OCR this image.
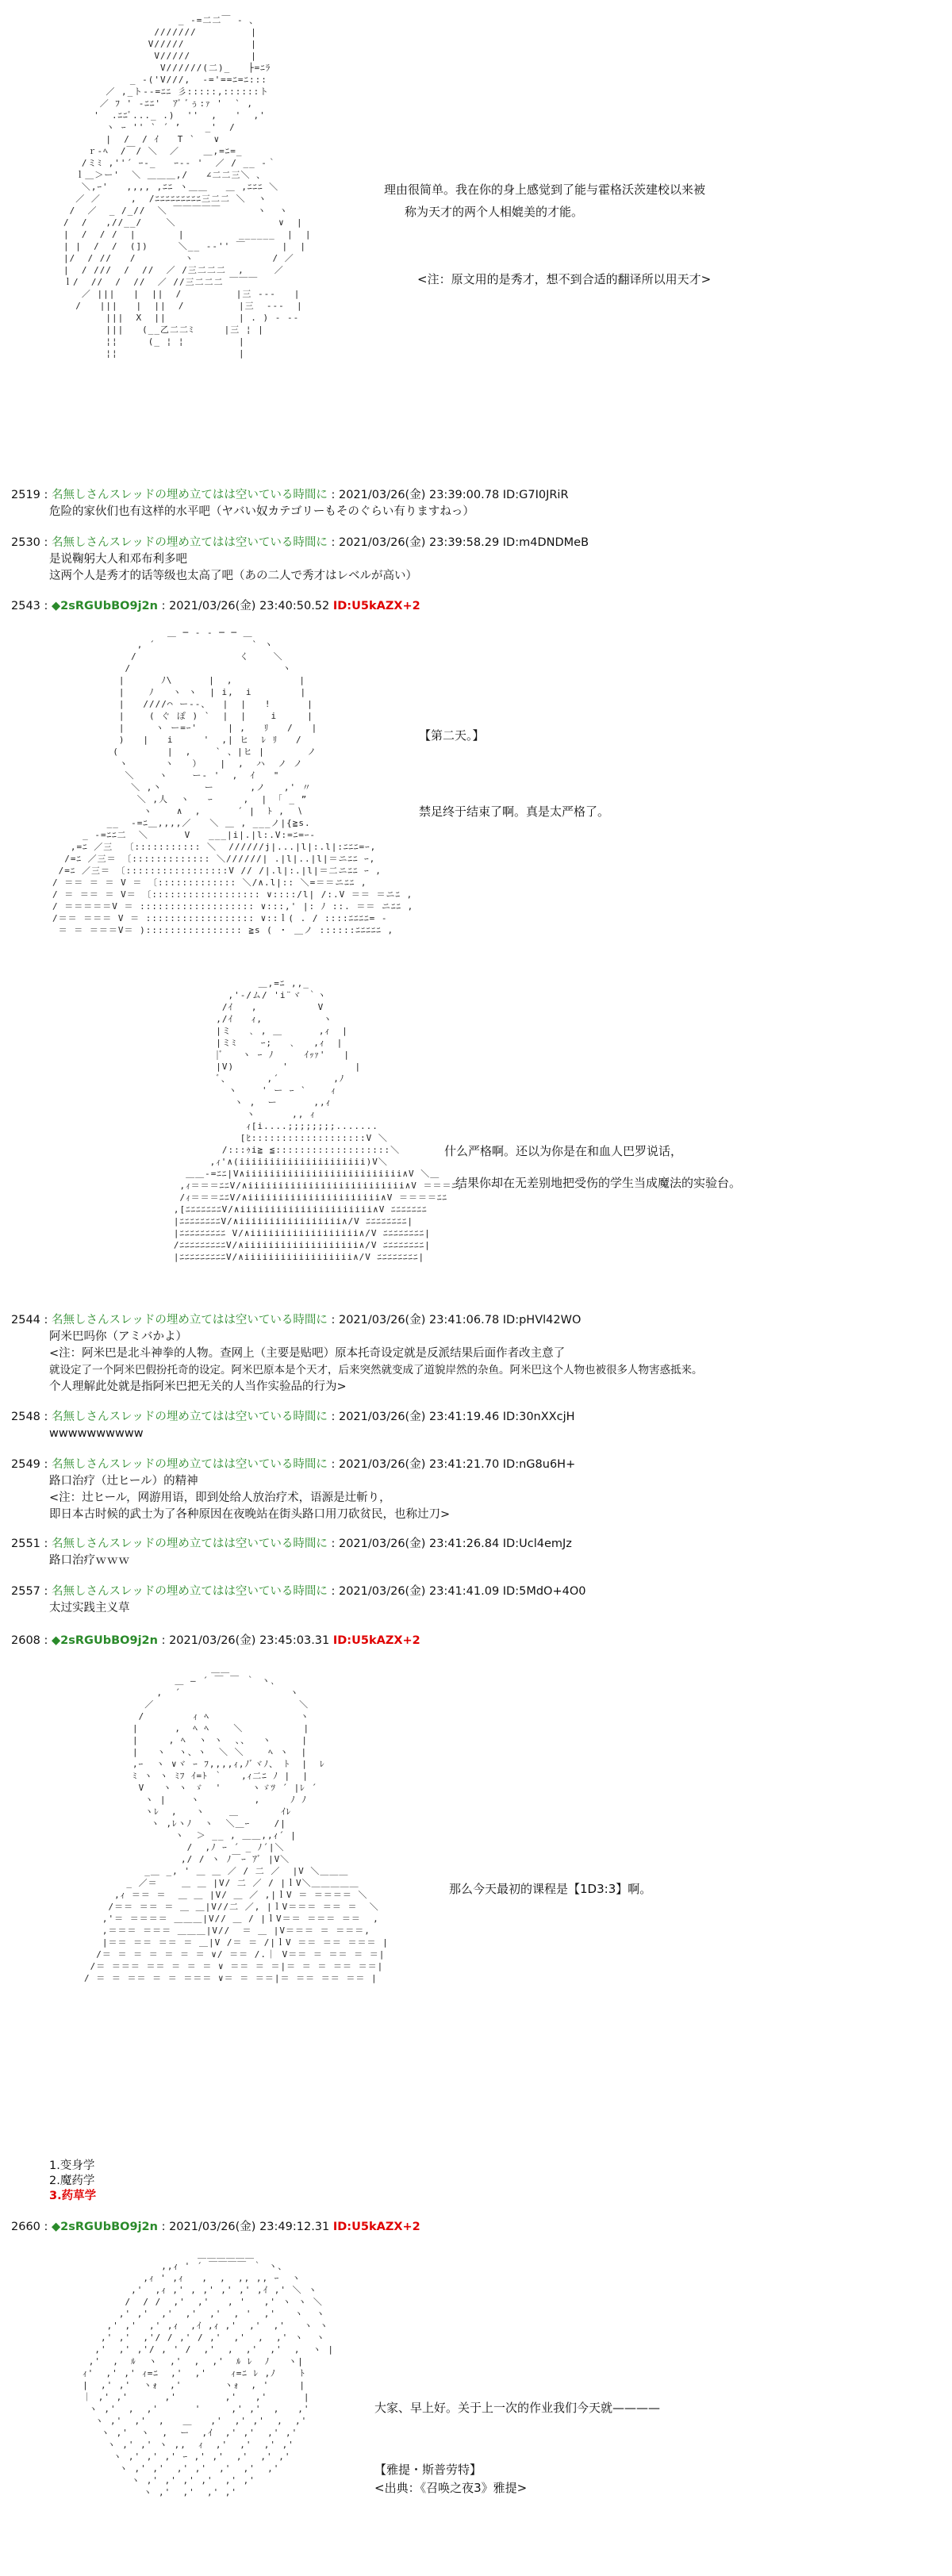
_ -=二二￣ ‐ 、
///////         |
V/////           |
V/////          |
V//////(二)_   ├=ﾆﾗ
_ -('V///,  -='==ﾆ=ﾆ:::
／ ,_ト--=ﾆﾆ 彡:::::,::::::ト
／ ﾌ ' -ﾆﾆ'  ｱﾞ ﾞぅ:ｧ '  ` ,
'  .ﾆﾆﾞ..._ .)  ''  ,   '  ,'
ヽ ｰ '' ` ´ ’    _'  /
|  /  / ｲ   Τ `   ∨
ｒ‐ﾍ  /￣/ ＼  ／    ＿,=ﾆ=_
/ミﾐ ,''´ ｰ-_   ｰ-- '  ／ / __ -｀
ｌ＿＞ー'  ＼ ＿＿＿,/   ∠二二三＼ 、
＼,ｰ'   ,,,, ,ﾆﾆ ヽ＿＿   ＿ ,ﾆﾆﾆ ＼
／ ／     ,  /ﾆﾆﾆﾆﾆﾆﾆﾆﾆ三二二 ＼  ヽ
/  ／  _ /_//  ＼ ￣￣￣￣￣      ヽ  ヽ
/  /   ,//__/    ＼                 ∨  |
|  /  / /  |       |         ______  |  |
| |  /  /  (])     ＼__ -‐'' ￣      |  |
|/  / //   /        ヽ             / ／
|  / ///  /  //  ／ /三二二二  ,     ／
ｌ/  //  /  //  ／ //三二二二 ￣￣￣
／ |||   |  ||  /         |三 ---   |
/   |||   |  ||  /         |三  ---  |
|||  X  ||            | . ) - --
|||   (__乙二二ﾐ     |三 ¦ |
¦¦     (_ ¦ ¦         |
¦¦                    |
理由很简单。我在你的身上感觉到了能与霍格沃茨建校以来被
称为天才的两个人相媲美的才能。
<注：原文用的是秀才，想不到合适的翻译所以用天才>
2519 : 名無しさんスレッドの埋め立てはは空いている時間に : 2021/03/26(金) 23:39:00.78 ID:G7I0JRiR
危险的家伙们也有这样的水平吧（ヤバい奴カテゴリーもそのぐらい有りますねっ）
2530 : 名無しさんスレッドの埋め立てはは空いている時間に : 2021/03/26(金) 23:39:58.29 ID:m4DNDMeB
是说鞠躬大人和邓布利多吧
这两个人是秀才的话等级也太高了吧（あの二人で秀才はレベルが高い）
2543 : ◆2sRGUbBO9j2n : 2021/03/26(金) 23:40:50.52 ID:U5kAZX+2
＿ ─ ‐ ‐ ─ ─ ＿
, ´                ` ヽ
/                 く    ＼
/                         ヽ
|      ﾉ\      |  ,           |
|    ﾉ   ヽ ヽ  | i,  i        |
|   ////⌒ ー--、  |  |   !      |
|    ( ぐ ぽ ) `  |  |    i     |
|     ヽ ー=ｰ'     | ,   ﾘ   /   |
)   |   i     '  ,| ヒ  ﾚ ﾘ   /
(        |  ,    ` 、|ヒ |       ノ
ヽ      ヽ   ）   |  ,  ハ  ノ ノ
＼    ヽ    ー- '  ,  ｲ   "
＼ ,丶       ー      ,ノ   ,' 〃
＼ ,人  ヽ   ｰ     ,  | 「 _ ”
ヽ    ∧  ,      ´ |  ﾄ ,  ∖
__  -=ﾆ＿,,,,／   ＼ ＿ , ___ノ|{≧s.
_ -=ﾆﾆ二  ＼      V   ___|i|.|l:.V:=ﾆ=ｰ-
,=ﾆ ／三  〔::::::::::: ＼  //////j|...|l|:.l|:ﾆﾆﾆ=ｰ,
/=ﾆ ／三＝ 〔::::::::::::: ＼//////| .|l|..|l|＝ニﾆﾆ ｰ,
/=ﾆ ／三＝ 〔:::::::::::::::::V // /|.l|:.|l|＝二ニﾆﾆ ｰ ,
/ ＝＝ ＝ ＝ V ＝ 〔::::::::::::: ＼/∧.l|:: ＼=＝＝ニﾆﾆ ,
/ ＝ ＝＝ ＝ V＝ 〔:::::::::::::::::: ∨::::/l| /:.V ＝＝ ＝ニﾆ ,
/ ＝＝＝＝＝V ＝ ::::::::::::::::::: ∨:::,' |: ﾉ ::. ＝＝ ニﾆﾆ ,
/＝＝ ＝＝＝ V ＝ :::::::::::::::::: ∨::ｌ( . ∕ ::::ﾆﾆﾆﾆ= -
＝ ＝ ＝＝＝V＝ ):::::::::::::::: ≧s ( ・ ＿ノ ::::::ﾆﾆﾆﾆﾆ ,
【第二天。】
禁足终于结束了啊。真是太严格了。
＿,=ﾆ ,,_
,'-/ム/ 'i¨ヾ ｀ヽ
/ｲ   ,          V
,/ｲ   ｨ,          ヽ
|ミ   ､ , ＿      ,ｨ  |
|ミﾐ    ｰ;   ､   ,ｨ  |
|ﾞ   ヽ ｰ ﾉ     ｲｯｧ'   |
|V)        '           |
ﾞ、      ,´         ,ﾉ
ヽ    ' ー ｰ `    ｨ
ヽ ,  ー      ,,ｨ
ヽ      ,, ｨ
ｨ[i....;;;;;;;;.......
[ﾋ:::::::::::::::::::V ＼
/:::ｩi≧ ≦:::::::::::::::::::＼
,ｨ'∧(iiiiiiiiiiiiiiiiiiiii)V＼
＿＿-=ﾆﾆ|V∧iiiiiiiiiiiiiiiiiiiiiiiiii∧V ＼＿
,ｨ＝＝＝ﾆﾆV/∧iiiiiiiiiiiiiiiiiiiiiiiiii∧V ＝＝＝ﾆ,
/ｨ＝＝＝ﾆﾆV/∧iiiiiiiiiiiiiiiiiiiiii∧V ＝＝＝＝ﾆﾆ
,[ﾆﾆﾆﾆﾆﾆﾆV/∧iiiiiiiiiiiiiiiiiiiiii∧V ﾆﾆﾆﾆﾆﾆﾆ
|ﾆﾆﾆﾆﾆﾆﾆﾆV/∧iiiiiiiiiiiiiiiii∧/V ﾆﾆﾆﾆﾆﾆﾆﾆ|
|ﾆﾆﾆﾆﾆﾆﾆﾆﾆ V/∧iiiiiiiiiiiiiiiiii∧/V ﾆﾆﾆﾆﾆﾆﾆﾆ|
/ﾆﾆﾆﾆﾆﾆﾆﾆﾆV/∧iiiiiiiiiiiiiiiiiii∧/V ﾆﾆﾆﾆﾆﾆﾆﾆ|
|ﾆﾆﾆﾆﾆﾆﾆﾆﾆV/∧iiiiiiiiiiiiiiiiii∧/V ﾆﾆﾆﾆﾆﾆﾆﾆ|
什么严格啊。还以为你是在和血人巴罗说话，
结果你却在无差别地把受伤的学生当成魔法的实验台。
2544 : 名無しさんスレッドの埋め立てはは空いている時間に : 2021/03/26(金) 23:41:06.78 ID:pHVl42WO
阿米巴吗你（アミバかよ）
<注：阿米巴是北斗神拳的人物。查网上（主要是贴吧）原本托奇设定就是反派结果后面作者改主意了
就设定了一个阿米巴假扮托奇的设定。阿米巴原本是个天才，后来突然就变成了道貌岸然的杂鱼。阿米巴这个人物也被很多人物害惑抵来。
个人理解此处就是指阿米巴把无关的人当作实验品的行为>
2548 : 名無しさんスレッドの埋め立てはは空いている時間に : 2021/03/26(金) 23:41:19.46 ID:30nXXcjH
wwwwwwwwww
2549 : 名無しさんスレッドの埋め立てはは空いている時間に : 2021/03/26(金) 23:41:21.70 ID:nG8u6H+
路口治疗（辻ヒール）的精神
<注：辻ヒール，网游用语，即到处给人放治疗术，语源是辻斬り，
即日本古时候的武士为了各种原因在夜晚站在街头路口用刀砍贫民，也称辻刀>
2551 : 名無しさんスレッドの埋め立てはは空いている時間に : 2021/03/26(金) 23:41:26.84 ID:Ucl4emJz
路口治疗ｗｗｗ
2557 : 名無しさんスレッドの埋め立てはは空いている時間に : 2021/03/26(金) 23:41:41.09 ID:5MdO+4O0
太过实践主义草
2608 : ◆2sRGUbBO9j2n : 2021/03/26(金) 23:45:03.31 ID:U5kAZX+2
＿＿
＿ ― ´ ￣ ￣ ｀ ヽ､
,  ´                  ヽ
／                        ＼
/        ｨ ﾍ               ヽ
|      ,  ﾍ ﾍ    ＼          |
|     , ﾍ  ヽ ヽ  、、  ヽ     |
|   ヽ  ヽ、ヽ  ＼ ＼    ﾍ ヽ  |
,ｰ  ヽ ∨ヾ ｰ ﾌ,,,,ｨ,ﾉﾞヾﾉ、 ﾄ  |  ﾚ
ﾐ ヽ ヽ ﾐﾌ ｲ=ﾄ ｀   ,ｨ二ﾆ ﾉ |  |
V   ヽ ヽ ゞ  '     ヽゞﾂ ´ |ﾚ ´
ヽ |    ヽ         ,     ﾉ ﾉ
ヽﾚ  ,   ヽ    ＿       ｲﾚ
ヽ ,ﾚヽﾉ  ヽ  ＼＿ｰ    /|
ヽ  ＞ __ , ＿＿,,ｨ´ |
/  ,ﾉ ｰ ´ _ ﾉ´|＼
,/ / ヽ ﾉ￣ｰ ｱﾞ |V＼
_＿ _, ' ＿ ＿ ／ / 二 ／  |V ＼＿＿＿
_ ／＝    ＿ ＿ |V/ 二 ／ / |ｌV＼＿＿＿＿＿
,ｨ ＝＝ ＝  ＿ ＿ |V/ ＿ ／ ,|ｌV ＝ ＝＝＝＝ ＼
/＝＝ ＝＝ ＝ ＿ ＿|V//二 ／, |ｌV＝＝＝ ＝＝ ＝  ＼
,'＝ ＝＝＝＝ ＿＿＿|V// ＿ / |ｌV＝＝ ＝＝＝ ＝＝  ,
,＝＝＝ ＝＝＝ ＿＿＿|V//  ＝ ＿ |V＝＝＝ ＝ ＝＝＝,
|＝＝ ＝＝ ＝＝ ＝ ＿|V /＝ ＝ /|ｌV ＝＝ ＝＝ ＝＝＝ |
/＝ ＝ ＝ ＝ ＝ ＝ ＝ ∨/ ＝＝ /.｜ V＝＝ ＝ ＝＝ ＝ ＝|
/＝ ＝＝＝ ＝＝ ＝ ＝ ＝ ∨ ＝＝ ＝ ＝|＝ ＝ ＝ ＝＝ ＝＝|
/ ＝ ＝ ＝＝ ＝ ＝ ＝＝＝ ∨＝ ＝ ＝＝|＝ ＝＝ ＝＝ ＝＝ |
那么今天最初的课程是【1D3:3】啊。
1.变身学
2.魔药学
3.药草学
2660 : ◆2sRGUbBO9j2n : 2021/03/26(金) 23:49:12.31 ID:U5kAZX+2
＿＿＿＿＿＿
,,ｨ ' ´ ￣￣￣￣ ｀ ヽ、
,ｨ ' ,ｨ   ,  ,  ,, ,, ｰ  ヽ
,'  ,ｨ ,' , ,' ,' ,' ,ｲ ,' ＼ ヽ
/  / /  ,'  ,'   , '   ,' ヽ ヽ ＼
,' ,'  ,'  ,'  ,'  , '  ,'   ヽ  ヽ
,' ,'  ,' ,ｨ  ,ｲ ,ｨ ,'  ,'  ,'   ヽ ヽ
,' ,'  ,'/ / ,' / ,'  ,'  ,  ,' ヽ  ヽ
,'  ,' ,'/ , ' /  ,'  ,  ,'  ,'  ,  ヽ |
,'  ,  ﾙ  ヽ  ,'  ,  ,'  ﾙ ﾚ  ﾉ   ヽ|
ｨ'  ,' ,' ｨ=ﾆ  ,'  ,'    ｨ=ﾆ ﾚ ,ﾉ    ﾄ
|  ,' ,'  ヽｫ  ,'       ヽｫ  , '     |
｜ ,' ,'      ,'        ,'   ,'      |
ヽ ,'  ,  ,'      '     ,' ,'  ,   ,'
ヽ ,'  ,'  ,   ＿   ,'  ,' ,'  ,  ,'
ヽ ,'  ヽ  ,  ー  ,ｲ  ,' ,'  ,' ,'
ヽ ,' ,' ヽ ,,  ｨ  ,'  ,'  ,' ,'
ヽ ,' ,' ,' ｰ ,' ,'  ,'  ,' ,'
ヽ ,' ,'  ,' ,'  ,'  ,'  ,'
ヽ ,' ,' ,' ,'  ,' ,'
ヽ ,'  ,'  ,' ,'
大家、早上好。关于上一次的作业我们今天就————
【雅提・斯普劳特】
<出典：《召唤之夜3》雅提>
